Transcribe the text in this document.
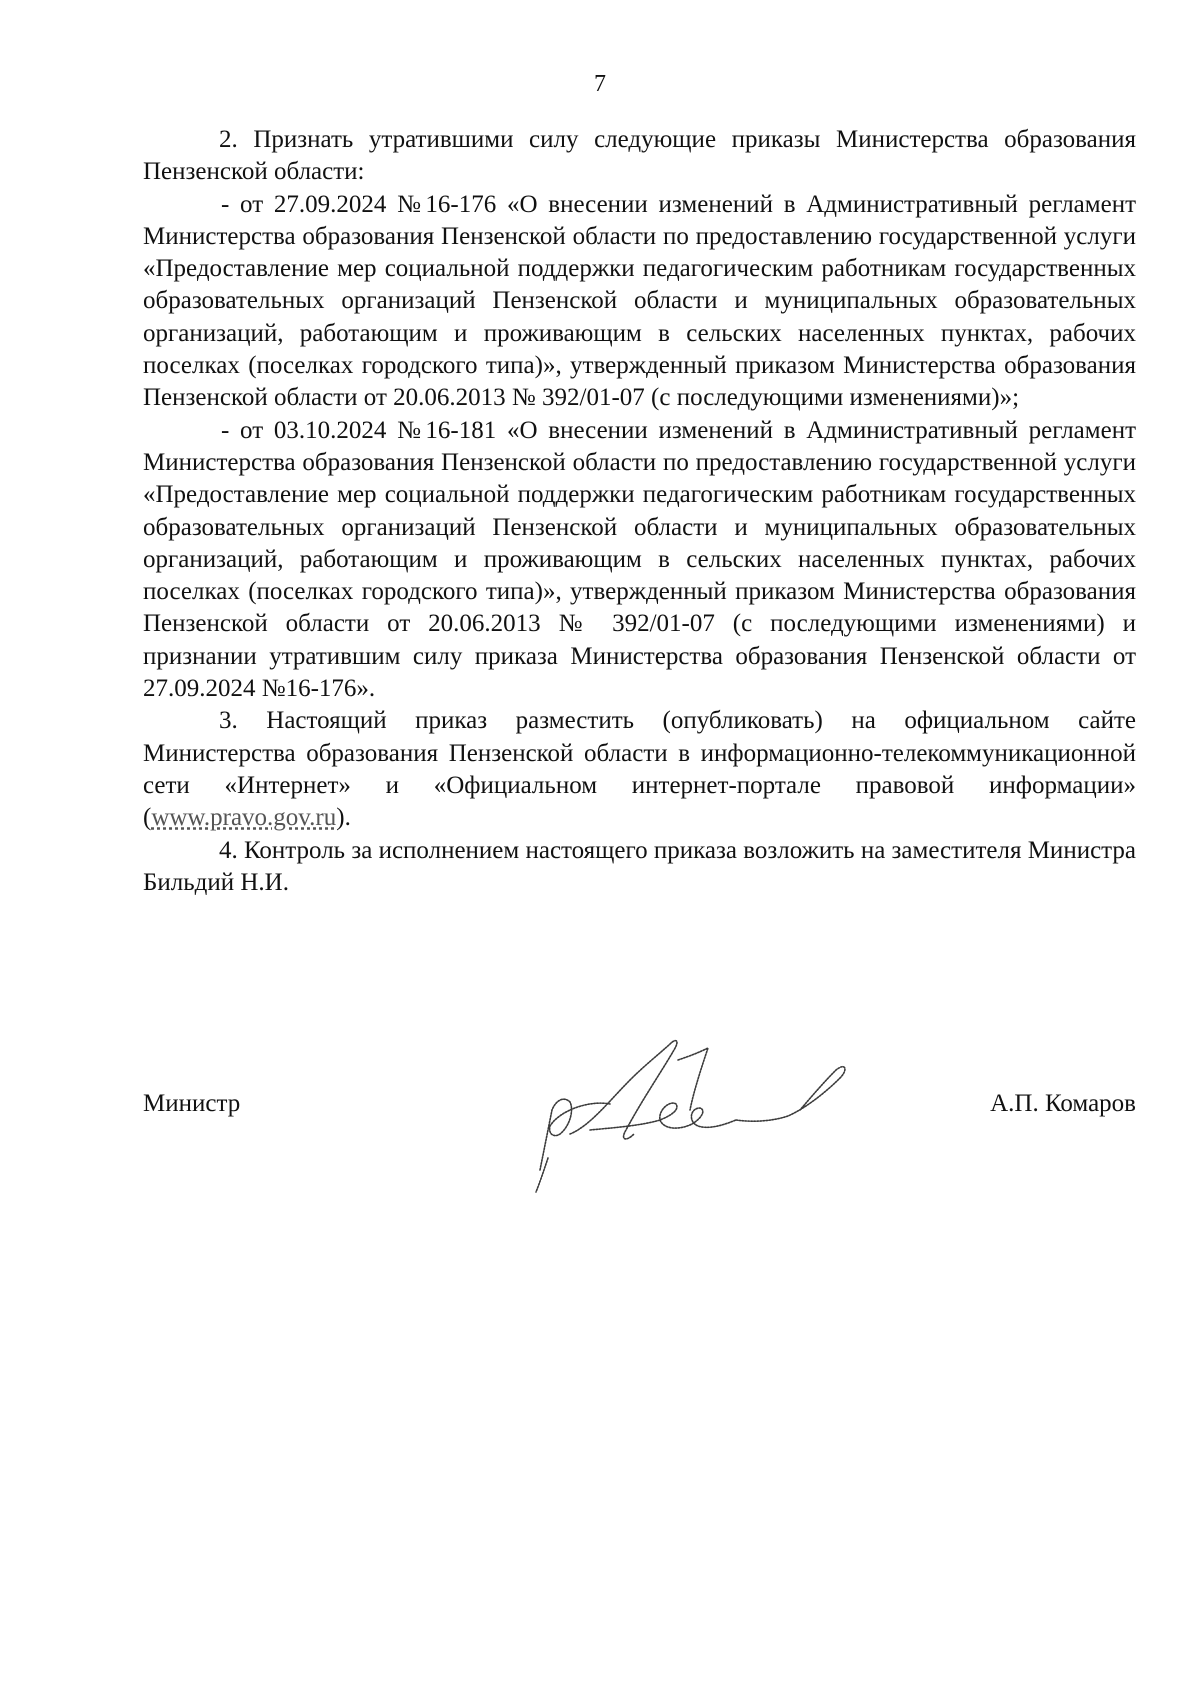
7

2. Признать утратившими силу следующие приказы Министерства образования Пензенской области:

- от 27.09.2024 №16-176 «О внесении изменений в Административный регламент Министерства образования Пензенской области по предоставлению государственной услуги «Предоставление мер социальной поддержки педагогическим работникам государственных образовательных организаций Пензенской области и муниципальных образовательных организаций, работающим и проживающим в сельских населенных пунктах, рабочих поселках (поселках городского типа)», утвержденный приказом Министерства образования Пензенской области от 20.06.2013 № 392/01-07 (с последующими изменениями)»;

- от 03.10.2024 №16-181 «О внесении изменений в Административный регламент Министерства образования Пензенской области по предоставлению государственной услуги «Предоставление мер социальной поддержки педагогическим работникам государственных образовательных организаций Пензенской области и муниципальных образовательных организаций, работающим и проживающим в сельских населенных пунктах, рабочих поселках (поселках городского типа)», утвержденный приказом Министерства образования Пензенской области от 20.06.2013 № 392/01-07 (с последующими изменениями) и признании утратившим силу приказа Министерства образования Пензенской области от 27.09.2024 №16-176».

3. Настоящий приказ разместить (опубликовать) на официальном сайте Министерства образования Пензенской области в информационно-телекоммуникационной сети «Интернет» и «Официальном интернет-портале правовой информации» (www.pravo.gov.ru).

4. Контроль за исполнением настоящего приказа возложить на заместителя Министра Бильдий Н.И.

Министр	А.П. Комаров
